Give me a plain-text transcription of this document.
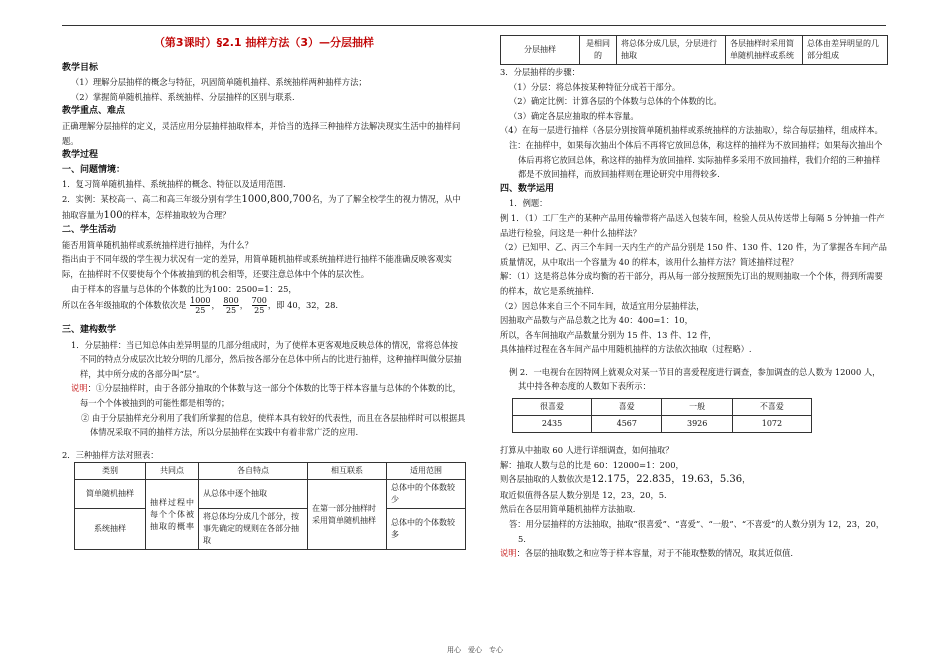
（第3课时）§2.1 抽样方法（3）—分层抽样
教学目标

（1）理解分层抽样的概念与特征，巩固简单随机抽样、系统抽样两种抽样方法；

（2）掌握简单随机抽样、系统抽样、分层抽样的区别与联系.

教学重点、难点

正确理解分层抽样的定义，灵活应用分层抽样抽取样本，并恰当的选择三种抽样方法解决现实生活中的抽样问题。

教学过程
一、问题情境：

1．复习简单随机抽样、系统抽样的概念、特征以及适用范围.

2．实例：某校高一、高二和高三年级分别有学生1000,800,700名，为了了解全校学生的视力情况，从中抽取容量为100的样本，怎样抽取较为合理？

二、学生活动

能否用简单随机抽样或系统抽样进行抽样，为什么？

指出由于不同年级的学生视力状况有一定的差异，用简单随机抽样或系统抽样进行抽样不能准确反映客观实际，在抽样时不仅要使每个个体被抽到的机会相等，还要注意总体中个体的层次性。

由于样本的容量与总体的个体数的比为100：2500=1：25，

所以在各年级抽取的个体数依次是 $\frac{1000}{25}$ ， $\frac{800}{25}$ ， $\frac{700}{25}$ ，即 40，32，28.

三、建构数学

1．分层抽样：当已知总体由差异明显的几部分组成时，为了使样本更客观地反映总体的情况，常将总体按不同的特点分成层次比较分明的几部分，然后按各部分在总体中所占的比进行抽样，这种抽样叫做分层抽样，其中所分成的各部分叫“层”。

说明：①分层抽样时，由于各部分抽取的个体数与这一部分个体数的比等于样本容量与总体的个体数的比，每一个个体被抽到的可能性都是相等的；

② 由于分层抽样充分利用了我们所掌握的信息，使样本具有较好的代表性，而且在各层抽样时可以根据具体情况采取不同的抽样方法，所以分层抽样在实践中有着非常广泛的应用.

2．三种抽样方法对照表：

类别	共同点	各自特点	相互联系	适用范围
简单随机抽样	抽样过程中每个个体被抽取的概率	从总体中逐个抽取	在第一部分抽样时采用简单随机抽样	总体中的个体数较少
系统抽样		将总体均分成几个部分，按事先确定的规则在各部分抽取		总体中的个体数较多
分层抽样	是相同的	将总体分成几层，分层进行抽取	各层抽样时采用简单随机抽样或系统	总体由差异明显的几部分组成

3．分层抽样的步骤：

（1）分层：将总体按某种特征分成若干部分。

（2）确定比例：计算各层的个体数与总体的个体数的比。

（3）确定各层应抽取的样本容量。

（4）在每一层进行抽样（各层分别按简单随机抽样或系统抽样的方法抽取），综合每层抽样，组成样本。

注：在抽样中，如果每次抽出个体后不再将它放回总体，称这样的抽样为不放回抽样；如果每次抽出个体后再将它放回总体，称这样的抽样为放回抽样. 实际抽样多采用不放回抽样，我们介绍的三种抽样都是不放回抽样，而放回抽样则在理论研究中用得较多.

四、数学运用

1．例题：

例 1．（1）工厂生产的某种产品用传输带将产品送入包装车间，检验人员从传送带上每隔 5 分钟抽一件产品进行检验，问这是一种什么抽样法？

（2）已知甲、乙、丙三个车间一天内生产的产品分别是 150 件、130 件、120 件，为了掌握各车间产品质量情况，从中取出一个容量为 40 的样本，该用什么抽样方法？简述抽样过程？

解：（1）这是将总体分成均衡的若干部分，再从每一部分按照预先订出的规则抽取一个个体，得到所需要的样本，故它是系统抽样.

（2）因总体来自三个不同车间，故适宜用分层抽样法，

因抽取产品数与产品总数之比为 40：400=1：10，

所以，各车间抽取产品数量分别为 15 件、13 件、12 件，

具体抽样过程在各车间产品中用随机抽样的方法依次抽取（过程略）.

例 2．一电视台在因特网上就观众对某一节目的喜爱程度进行调查，参加调查的总人数为 12000 人，其中持各种态度的人数如下表所示：

很喜爱	喜爱	一般	不喜爱
2435	4567	3926	1072

打算从中抽取 60 人进行详细调查，如何抽取？

解：抽取人数与总的比是 60：12000=1：200，

则各层抽取的人数依次是12.175，22.835，19.63，5.36，

取近似值得各层人数分别是 12，23，20，5.

然后在各层用简单随机抽样方法抽取.

答：用分层抽样的方法抽取，抽取“很喜爱”、“喜爱”、“一般”、“不喜爱”的人数分别为 12，23，20，5.

说明：各层的抽取数之和应等于样本容量，对于不能取整数的情况，取其近似值.

用心　爱心　专心
